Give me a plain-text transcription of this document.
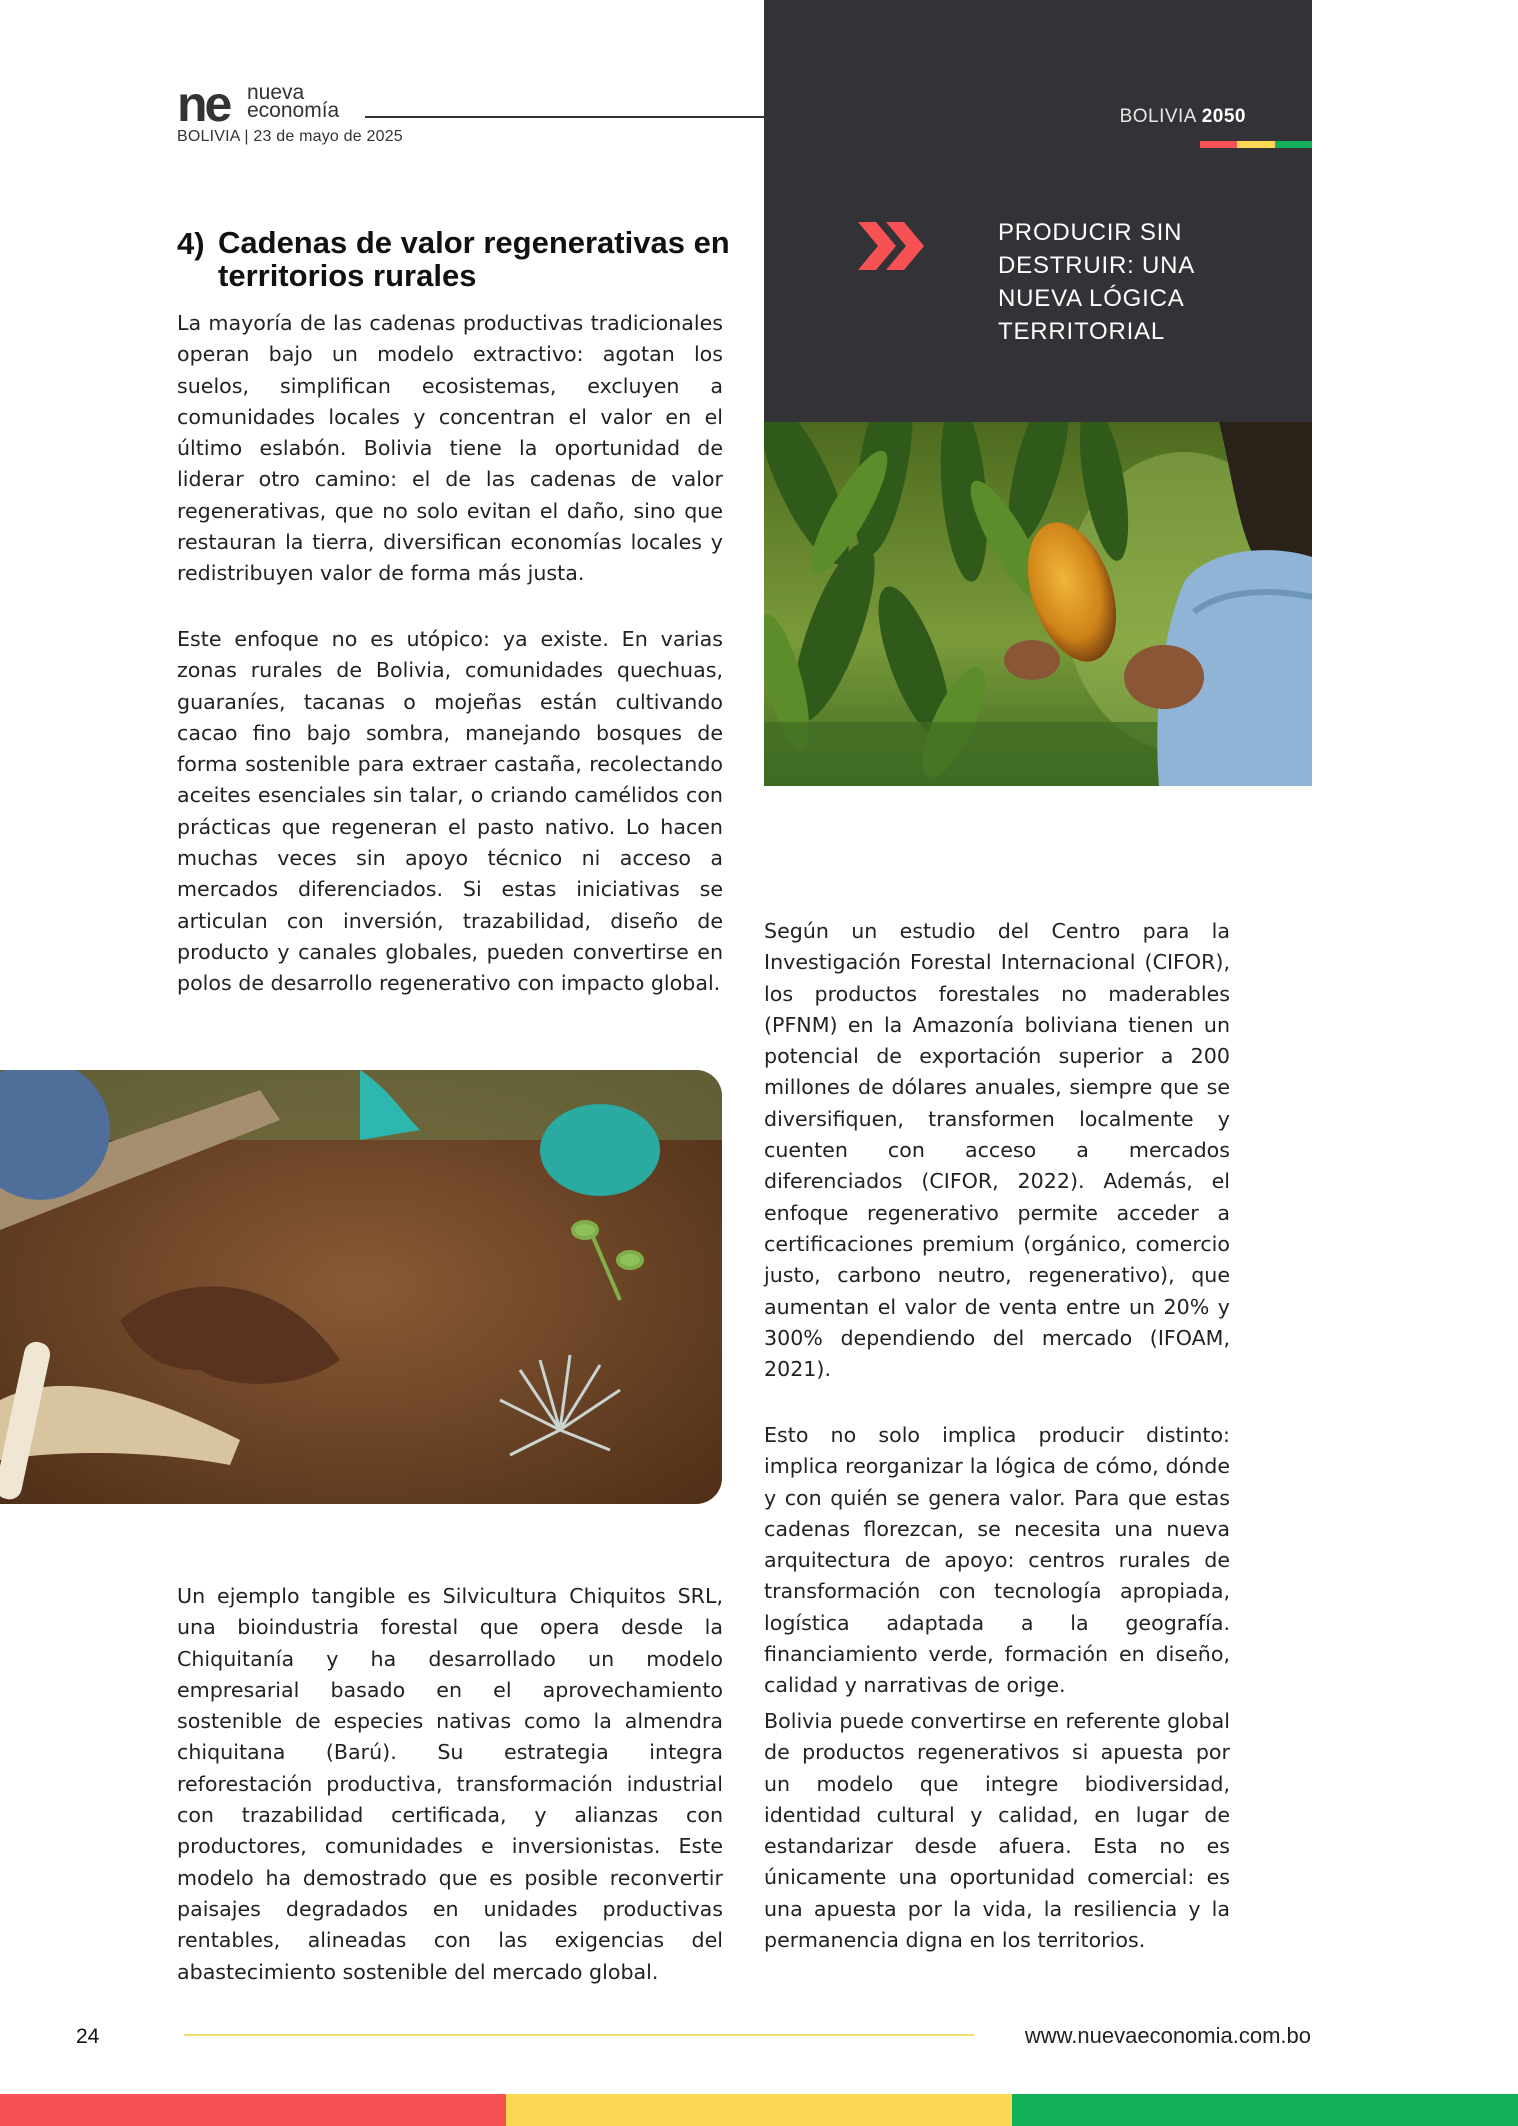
ne nueva
economía
BOLIVIA | 23 de mayo de 2025
BOLIVIA 2050
PRODUCIR SIN DESTRUIR: UNA NUEVA LÓGICA TERRITORIAL
4) Cadenas de valor regenerativas en territorios rurales

La mayoría de las cadenas productivas tradicionales operan bajo un modelo extractivo: agotan los suelos, simplifican ecosistemas, excluyen a comunidades locales y concentran el valor en el último eslabón. Bolivia tiene la oportunidad de liderar otro camino: el de las cadenas de valor regenerativas, que no solo evitan el daño, sino que restauran la tierra, diversifican economías locales y redistribuyen valor de forma más justa.

Este enfoque no es utópico: ya existe. En varias zonas rurales de Bolivia, comunidades quechuas, guaraníes, tacanas o mojeñas están cultivando cacao fino bajo sombra, manejando bosques de forma sostenible para extraer castaña, recolectando aceites esenciales sin talar, o criando camélidos con prácticas que regeneran el pasto nativo. Lo hacen muchas veces sin apoyo técnico ni acceso a mercados diferenciados. Si estas iniciativas se articulan con inversión, trazabilidad, diseño de producto y canales globales, pueden convertirse en polos de desarrollo regenerativo con impacto global.

Un ejemplo tangible es Silvicultura Chiquitos SRL, una bioindustria forestal que opera desde la Chiquitanía y ha desarrollado un modelo empresarial basado en el aprovechamiento sostenible de especies nativas como la almendra chiquitana (Barú). Su estrategia integra reforestación productiva, transformación industrial con trazabilidad certificada, y alianzas con productores, comunidades e inversionistas. Este modelo ha demostrado que es posible reconvertir paisajes degradados en unidades productivas rentables, alineadas con las exigencias del abastecimiento sostenible del mercado global.

Según un estudio del Centro para la Investigación Forestal Internacional (CIFOR), los productos forestales no maderables (PFNM) en la Amazonía boliviana tienen un potencial de exportación superior a 200 millones de dólares anuales, siempre que se diversifiquen, transformen localmente y cuenten con acceso a mercados diferenciados (CIFOR, 2022). Además, el enfoque regenerativo permite acceder a certificaciones premium (orgánico, comercio justo, carbono neutro, regenerativo), que aumentan el valor de venta entre un 20% y 300% dependiendo del mercado (IFOAM, 2021).

Esto no solo implica producir distinto: implica reorganizar la lógica de cómo, dónde y con quién se genera valor. Para que estas cadenas florezcan, se necesita una nueva arquitectura de apoyo: centros rurales de transformación con tecnología apropiada, logística adaptada a la geografía. financiamiento verde, formación en diseño, calidad y narrativas de orige.

Bolivia puede convertirse en referente global de productos regenerativos si apuesta por un modelo que integre biodiversidad, identidad cultural y calidad, en lugar de estandarizar desde afuera. Esta no es únicamente una oportunidad comercial: es una apuesta por la vida, la resiliencia y la permanencia digna en los territorios.

24	www.nuevaeconomia.com.bo
